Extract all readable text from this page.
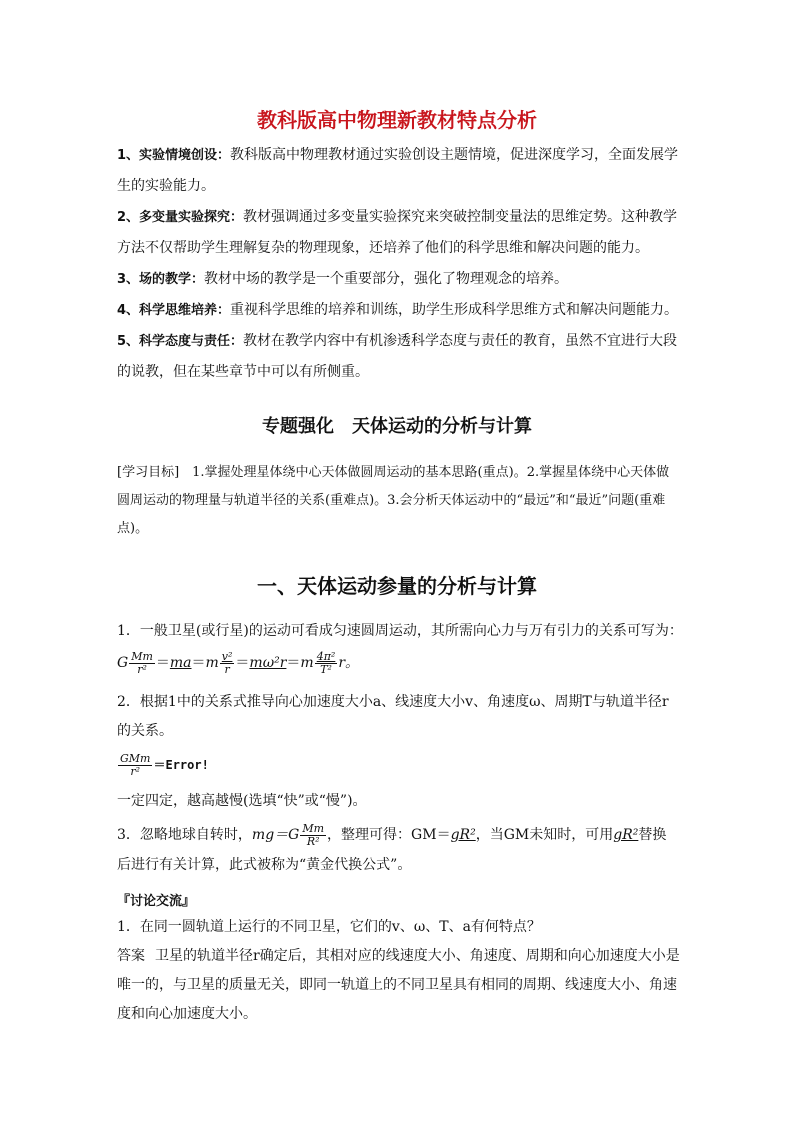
教科版高中物理新教材特点分析
1、实验情境创设：教科版高中物理教材通过实验创设主题情境，促进深度学习，全面发展学生的实验能力。
2、多变量实验探究：教材强调通过多变量实验探究来突破控制变量法的思维定势。这种教学方法不仅帮助学生理解复杂的物理现象，还培养了他们的科学思维和解决问题的能力。
3、场的教学：教材中场的教学是一个重要部分，强化了物理观念的培养。
4、科学思维培养：重视科学思维的培养和训练，助学生形成科学思维方式和解决问题能力。
5、科学态度与责任：教材在教学内容中有机渗透科学态度与责任的教育，虽然不宜进行大段的说教，但在某些章节中可以有所侧重。
专题强化　天体运动的分析与计算
[学习目标]　1.掌握处理星体绕中心天体做圆周运动的基本思路(重点)。2.掌握星体绕中心天体做圆周运动的物理量与轨道半径的关系(重难点)。3.会分析天体运动中的“最远”和“最近”问题(重难点)。
一、天体运动参量的分析与计算
1．一般卫星(或行星)的运动可看成匀速圆周运动，其所需向心力与万有引力的关系可写为：
G $\frac{Mm}{\text{r²}} =ma=m \frac{\text{v²}}{r} =m\omega^2r=m \frac{\text{4π²}}{\text{T²}}$ r。
2．根据1中的关系式推导向心加速度大小a、线速度大小v、角速度ω、周期T与轨道半径r的关系。
$\frac{\text{GMm}}{\text{r²}}$ ＝Error!
一定四定，越高越慢(选填“快”或“慢”)。
3．忽略地球自转时，$mg=G \frac{Mm}{\text{R²}}$ ，整理可得：GM＝gR²，当GM未知时，可用gR²替换后进行有关计算，此式被称为“黄金代换公式”。
『讨论交流』
1．在同一圆轨道上运行的不同卫星，它们的v、ω、T、a有何特点？
答案 卫星的轨道半径r确定后，其相对应的线速度大小、角速度、周期和向心加速度大小是唯一的，与卫星的质量无关，即同一轨道上的不同卫星具有相同的周期、线速度大小、角速度和向心加速度大小。
